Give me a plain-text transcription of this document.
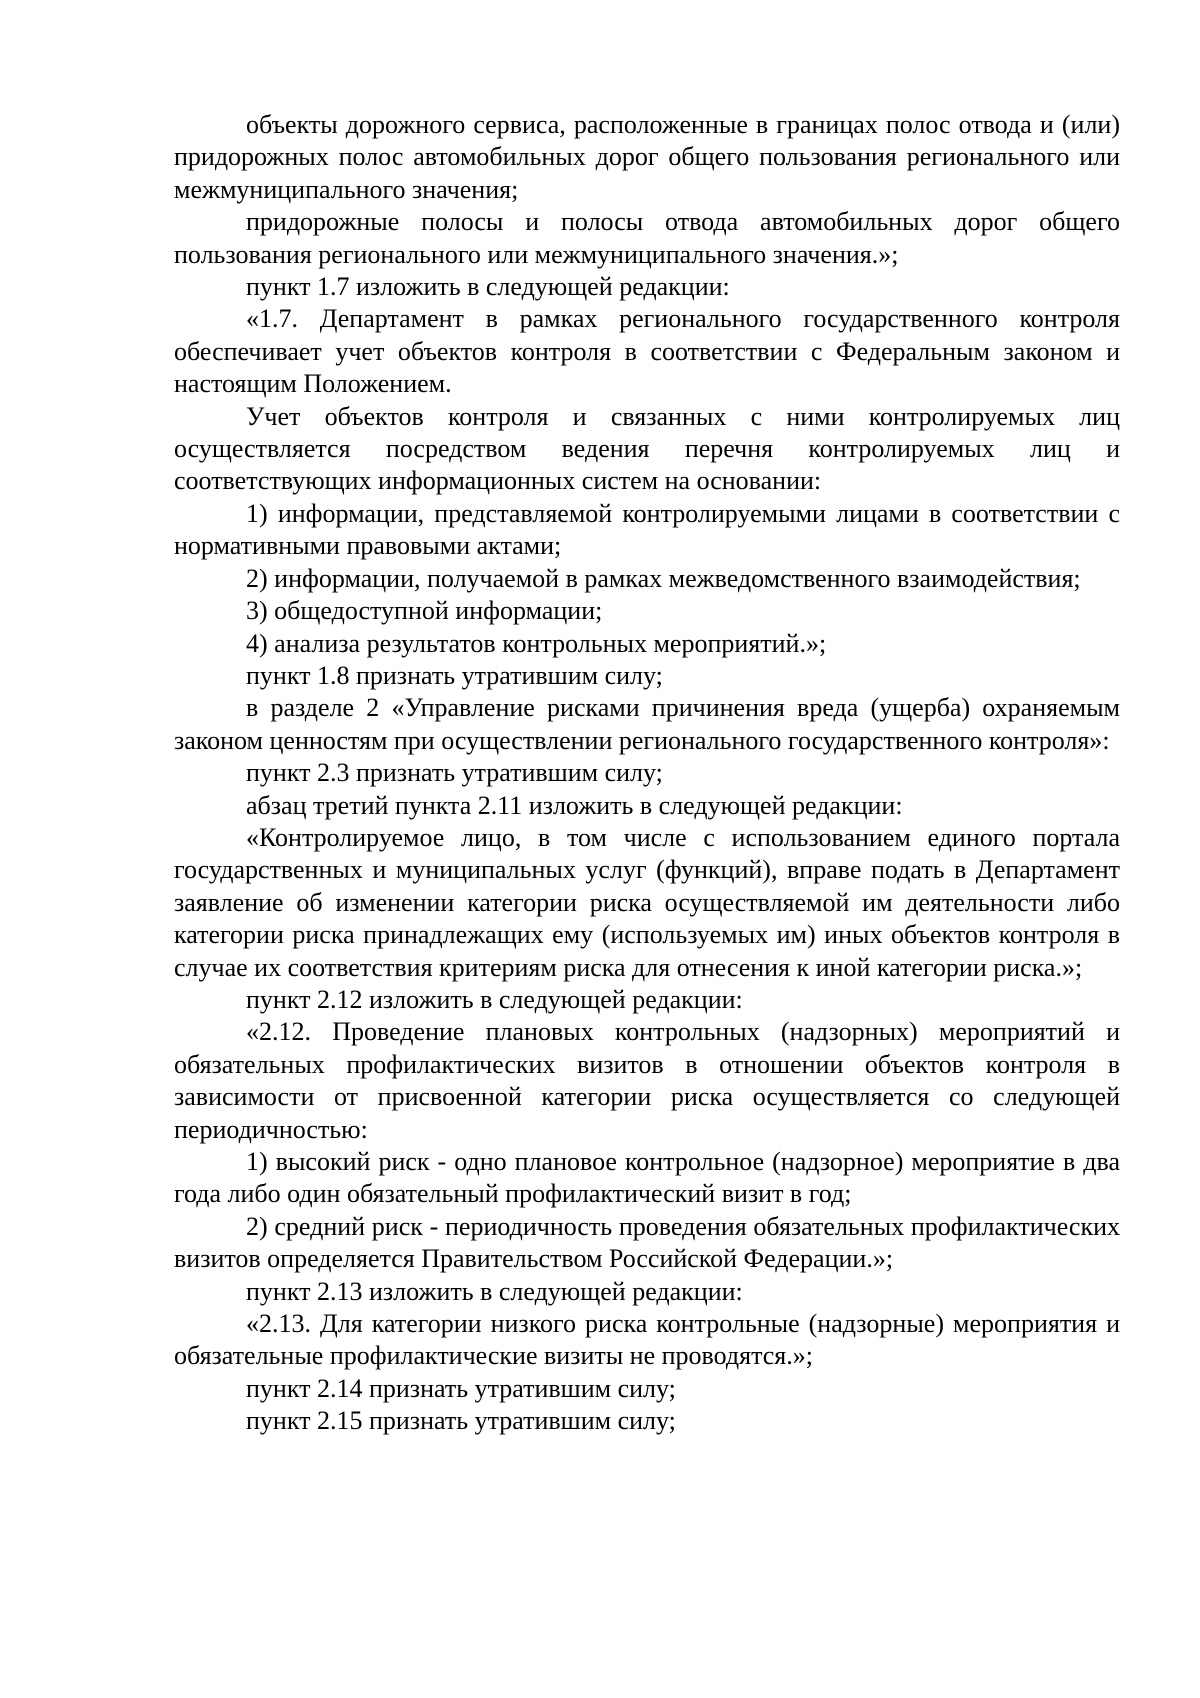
объекты дорожного сервиса, расположенные в границах полос отвода и (или) придорожных полос автомобильных дорог общего пользования регионального или межмуниципального значения;

придорожные полосы и полосы отвода автомобильных дорог общего пользования регионального или межмуниципального значения.»;

пункт 1.7 изложить в следующей редакции:

«1.7. Департамент в рамках регионального государственного контроля обеспечивает учет объектов контроля в соответствии с Федеральным законом и настоящим Положением.

Учет объектов контроля и связанных с ними контролируемых лиц осуществляется посредством ведения перечня контролируемых лиц и соответствующих информационных систем на основании:

1) информации, представляемой контролируемыми лицами в соответствии с нормативными правовыми актами;

2) информации, получаемой в рамках межведомственного взаимодействия;

3) общедоступной информации;

4) анализа результатов контрольных мероприятий.»;

пункт 1.8 признать утратившим силу;

в разделе 2 «Управление рисками причинения вреда (ущерба) охраняемым законом ценностям при осуществлении регионального государственного контроля»:

пункт 2.3 признать утратившим силу;

абзац третий пункта 2.11 изложить в следующей редакции:

«Контролируемое лицо, в том числе с использованием единого портала государственных и муниципальных услуг (функций), вправе подать в Департамент заявление об изменении категории риска осуществляемой им деятельности либо категории риска принадлежащих ему (используемых им) иных объектов контроля в случае их соответствия критериям риска для отнесения к иной категории риска.»;

пункт 2.12 изложить в следующей редакции:

«2.12. Проведение плановых контрольных (надзорных) мероприятий и обязательных профилактических визитов в отношении объектов контроля в зависимости от присвоенной категории риска осуществляется со следующей периодичностью:

1) высокий риск - одно плановое контрольное (надзорное) мероприятие в два года либо один обязательный профилактический визит в год;

2) средний риск - периодичность проведения обязательных профилактических визитов определяется Правительством Российской Федерации.»;

пункт 2.13 изложить в следующей редакции:

«2.13. Для категории низкого риска контрольные (надзорные) мероприятия и обязательные профилактические визиты не проводятся.»;

пункт 2.14 признать утратившим силу;

пункт 2.15 признать утратившим силу;
